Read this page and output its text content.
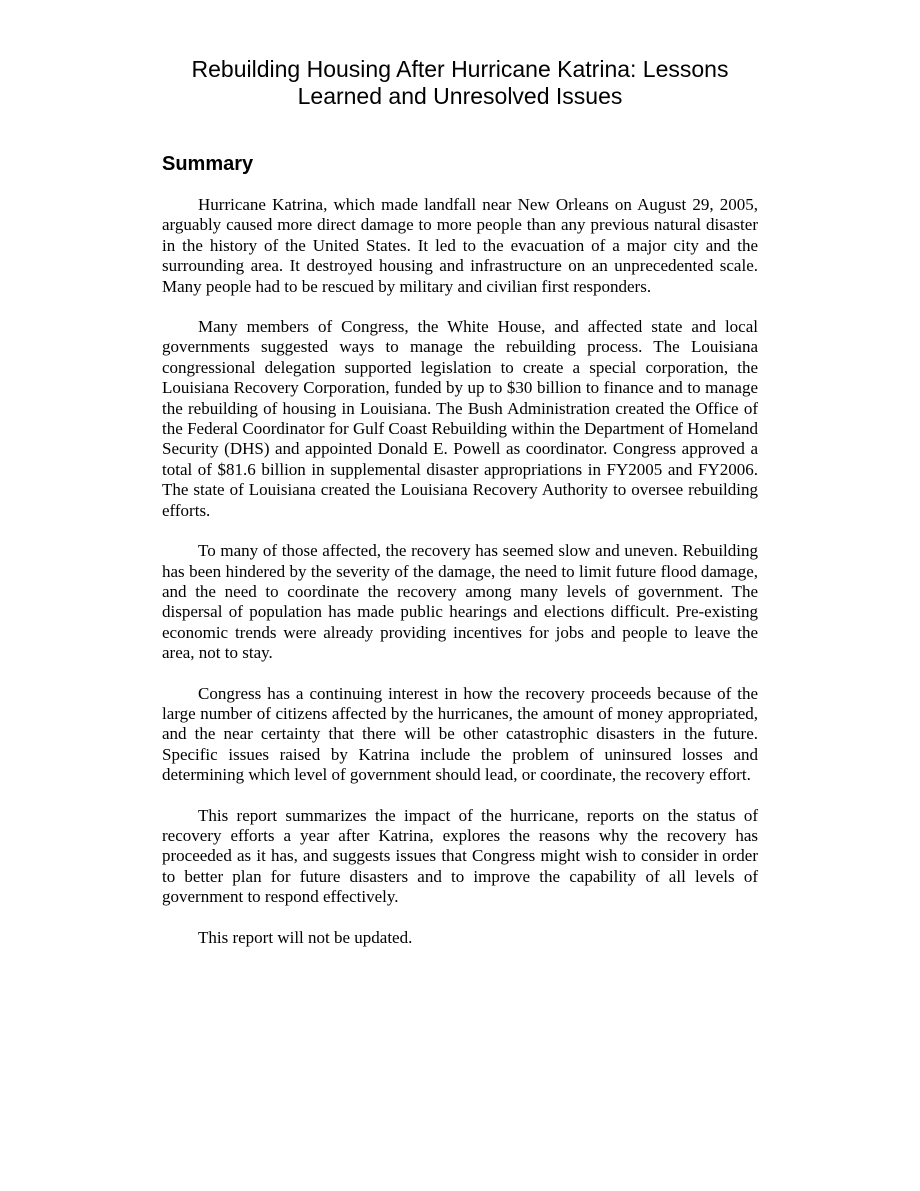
Rebuilding Housing After Hurricane Katrina: Lessons Learned and Unresolved Issues
Summary

Hurricane Katrina, which made landfall near New Orleans on August 29, 2005, arguably caused more direct damage to more people than any previous natural disaster in the history of the United States. It led to the evacuation of a major city and the surrounding area. It destroyed housing and infrastructure on an unprecedented scale. Many people had to be rescued by military and civilian first responders.

Many members of Congress, the White House, and affected state and local governments suggested ways to manage the rebuilding process. The Louisiana congressional delegation supported legislation to create a special corporation, the Louisiana Recovery Corporation, funded by up to $30 billion to finance and to manage the rebuilding of housing in Louisiana. The Bush Administration created the Office of the Federal Coordinator for Gulf Coast Rebuilding within the Department of Homeland Security (DHS) and appointed Donald E. Powell as coordinator. Congress approved a total of $81.6 billion in supplemental disaster appropriations in FY2005 and FY2006. The state of Louisiana created the Louisiana Recovery Authority to oversee rebuilding efforts.

To many of those affected, the recovery has seemed slow and uneven. Rebuilding has been hindered by the severity of the damage, the need to limit future flood damage, and the need to coordinate the recovery among many levels of government. The dispersal of population has made public hearings and elections difficult. Pre-existing economic trends were already providing incentives for jobs and people to leave the area, not to stay.

Congress has a continuing interest in how the recovery proceeds because of the large number of citizens affected by the hurricanes, the amount of money appropriated, and the near certainty that there will be other catastrophic disasters in the future. Specific issues raised by Katrina include the problem of uninsured losses and determining which level of government should lead, or coordinate, the recovery effort.

This report summarizes the impact of the hurricane, reports on the status of recovery efforts a year after Katrina, explores the reasons why the recovery has proceeded as it has, and suggests issues that Congress might wish to consider in order to better plan for future disasters and to improve the capability of all levels of government to respond effectively.

This report will not be updated.
